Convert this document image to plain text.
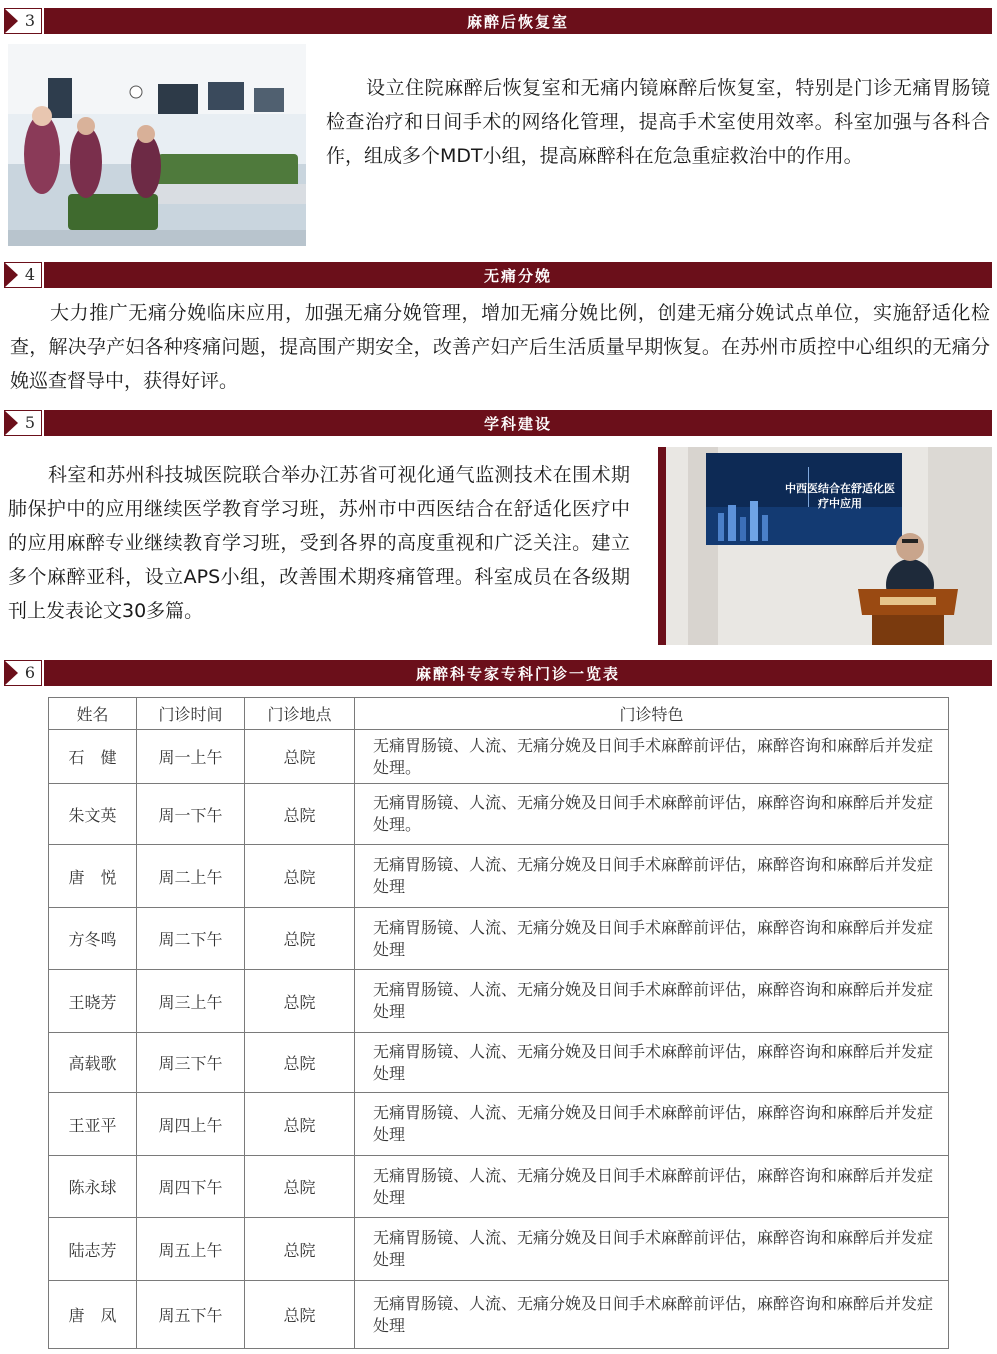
3	麻醉后恢复室

设立住院麻醉后恢复室和无痛内镜麻醉后恢复室，特别是门诊无痛胃肠镜检查治疗和日间手术的网络化管理，提高手术室使用效率。科室加强与各科合作，组成多个MDT小组，提高麻醉科在危急重症救治中的作用。

4	无痛分娩

大力推广无痛分娩临床应用，加强无痛分娩管理，增加无痛分娩比例，创建无痛分娩试点单位，实施舒适化检查，解决孕产妇各种疼痛问题，提高围产期安全，改善产妇产后生活质量早期恢复。在苏州市质控中心组织的无痛分娩巡查督导中，获得好评。

5	学科建设

科室和苏州科技城医院联合举办江苏省可视化通气监测技术在围术期肺保护中的应用继续医学教育学习班，苏州市中西医结合在舒适化医疗中的应用麻醉专业继续教育学习班，受到各界的高度重视和广泛关注。建立多个麻醉亚科，设立APS小组，改善围术期疼痛管理。科室成员在各级期刊上发表论文30多篇。

中西医结合在舒适化医疗中应用
6	麻醉科专家专科门诊一览表
姓名	门诊时间	门诊地点	门诊特色
石　健	周一上午	总院	无痛胃肠镜、人流、无痛分娩及日间手术麻醉前评估，麻醉咨询和麻醉后并发症处理。
朱文英	周一下午	总院	无痛胃肠镜、人流、无痛分娩及日间手术麻醉前评估，麻醉咨询和麻醉后并发症处理。
唐　悦	周二上午	总院	无痛胃肠镜、人流、无痛分娩及日间手术麻醉前评估，麻醉咨询和麻醉后并发症处理
方冬鸣	周二下午	总院	无痛胃肠镜、人流、无痛分娩及日间手术麻醉前评估，麻醉咨询和麻醉后并发症处理
王晓芳	周三上午	总院	无痛胃肠镜、人流、无痛分娩及日间手术麻醉前评估，麻醉咨询和麻醉后并发症处理
高载歌	周三下午	总院	无痛胃肠镜、人流、无痛分娩及日间手术麻醉前评估，麻醉咨询和麻醉后并发症处理
王亚平	周四上午	总院	无痛胃肠镜、人流、无痛分娩及日间手术麻醉前评估，麻醉咨询和麻醉后并发症处理
陈永球	周四下午	总院	无痛胃肠镜、人流、无痛分娩及日间手术麻醉前评估，麻醉咨询和麻醉后并发症处理
陆志芳	周五上午	总院	无痛胃肠镜、人流、无痛分娩及日间手术麻醉前评估，麻醉咨询和麻醉后并发症处理
唐　凤	周五下午	总院	无痛胃肠镜、人流、无痛分娩及日间手术麻醉前评估，麻醉咨询和麻醉后并发症处理
